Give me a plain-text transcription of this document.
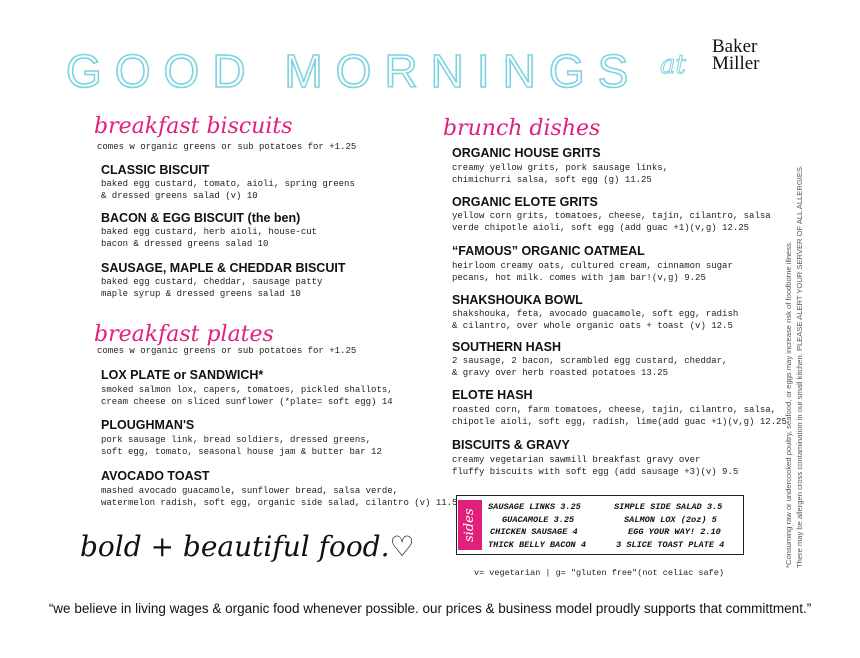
GOOD MORNINGS at
Baker
Miller
breakfast biscuits
comes w organic greens or sub potatoes for +1.25
CLASSIC BISCUIT
baked egg custard, tomato, aioli, spring greens
& dressed greens salad (v) 10
BACON & EGG BISCUIT (the ben)
baked egg custard, herb aioli, house-cut
bacon & dressed greens salad 10
SAUSAGE, MAPLE & CHEDDAR BISCUIT
baked egg custard, cheddar, sausage patty
maple syrup & dressed greens salad 10
breakfast plates
comes w organic greens or sub potatoes for +1.25
LOX PLATE or SANDWICH*
smoked salmon lox, capers, tomatoes, pickled shallots,
cream cheese on sliced sunflower (*plate= soft egg) 14
PLOUGHMAN'S
pork sausage link, bread soldiers, dressed greens,
soft egg, tomato, seasonal house jam & butter bar 12
AVOCADO TOAST
mashed avocado guacamole, sunflower bread, salsa verde,
watermelon radish, soft egg, organic side salad, cilantro (v) 11.5
brunch dishes
ORGANIC HOUSE GRITS
creamy yellow grits, pork sausage links,
chimichurri salsa, soft egg (g) 11.25
ORGANIC ELOTE GRITS
yellow corn grits, tomatoes, cheese, tajin, cilantro, salsa
verde chipotle aioli, soft egg (add guac +1)(v,g) 12.25
“FAMOUS” ORGANIC OATMEAL
heirloom creamy oats, cultured cream, cinnamon sugar
pecans, hot milk. comes with jam bar!(v,g) 9.25
SHAKSHOUKA BOWL
shakshouka, feta, avocado guacamole, soft egg, radish
& cilantro, over whole organic oats + toast (v) 12.5
SOUTHERN HASH
2 sausage, 2 bacon, scrambled egg custard, cheddar,
& gravy over herb roasted potatoes 13.25
ELOTE HASH
roasted corn, farm tomatoes, cheese, tajin, cilantro, salsa,
chipotle aioli, soft egg, radish, lime(add guac +1)(v,g) 12.25
BISCUITS & GRAVY
creamy vegetarian sawmill breakfast gravy over
fluffy biscuits with soft egg (add sausage +3)(v) 9.5
sides
SAUSAGE LINKS 3.25
GUACAMOLE 3.25
CHICKEN SAUSAGE 4
THICK BELLY BACON 4
SIMPLE SIDE SALAD 3.5
SALMON LOX (2oz) 5
EGG YOUR WAY! 2.10
3 SLICE TOAST PLATE 4
v= vegetarian | g= "gluten free"(not celiac safe)
bold + beautiful food.♡
“we believe in living wages & organic food whenever possible. our prices & business model proudly supports that committment.”
*Consuming raw or undercooked poultry, seafood, or eggs may increase risk of foodborne illness. There may be allergen cross contamination in our small kitchen. PLEASE ALERT YOUR SERVER OF ALL ALLERGIES.
